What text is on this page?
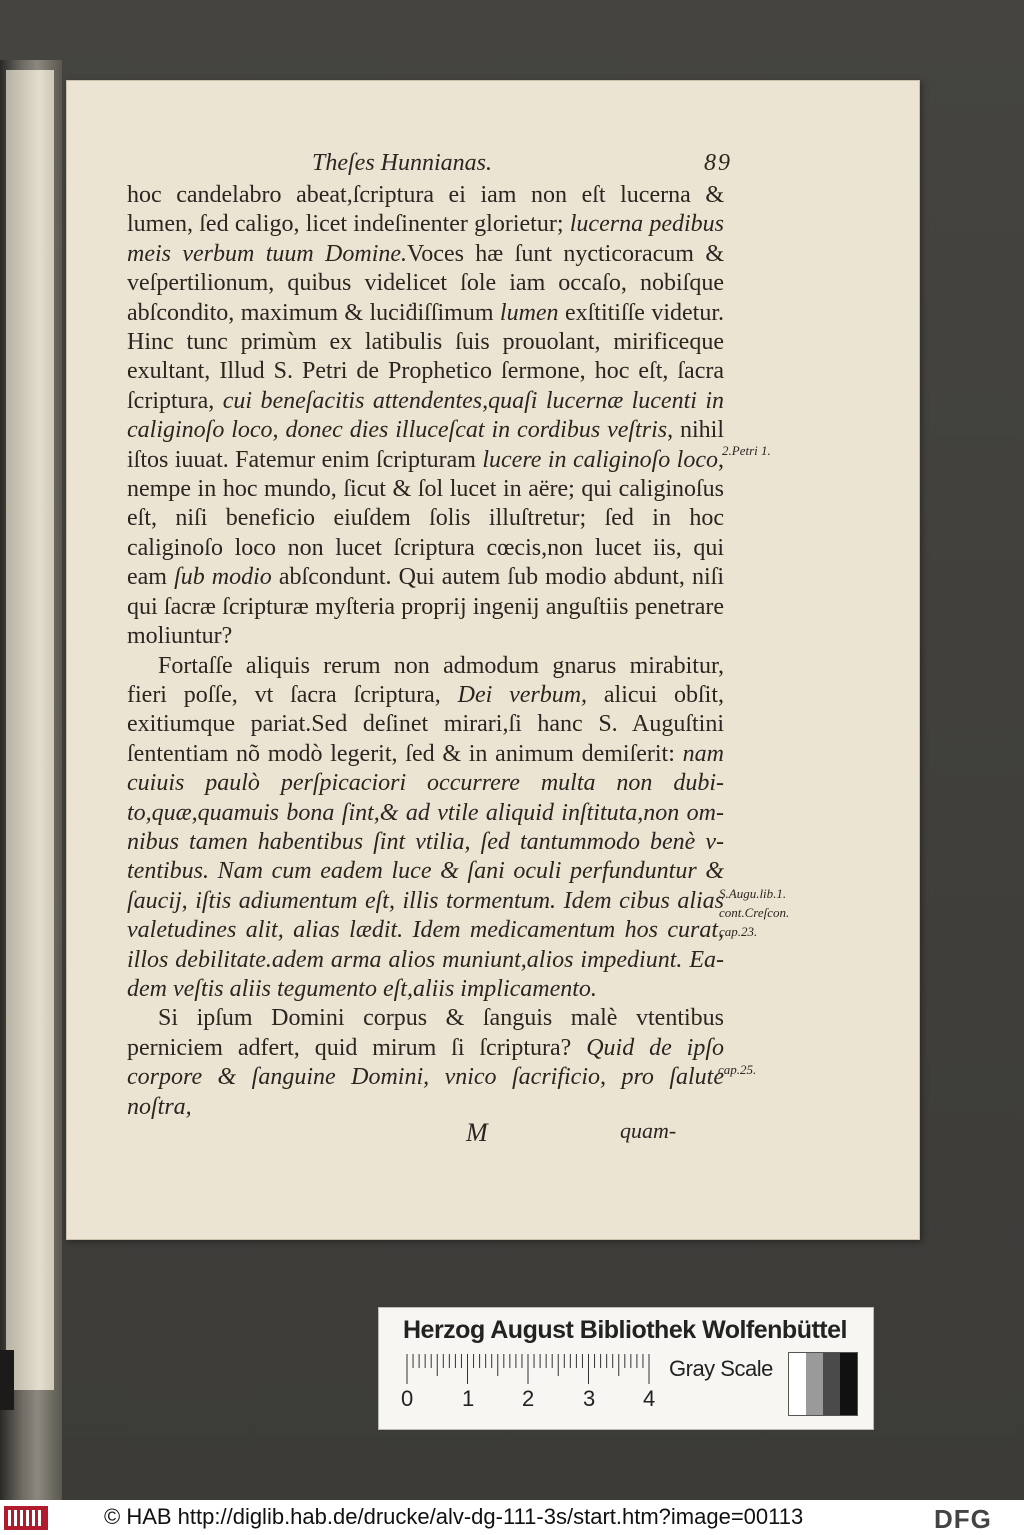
Theſes Hunnianas.	89

hoc candelabro abeat,ſcriptura ei iam non eſt lucerna & lumen, ſed caligo, licet indeſinenter glorietur; lucerna pedibus meis verbum tuum Domine.Voces hæ ſunt nycticoracum & veſpertilionum, quibus videlicet ſole iam occaſo, nobiſque abſcondito, maximum & luciḋiſſimum lumen exſtitiſſe videtur. Hinc tunc primùm ex latibulis ſuis prouolant, mirificeque exultant, Illud S. Petri de Prophetico ſermone, hoc eſt, ſacra ſcriptura, cui beneſacitis attendentes,quaſi lucernæ lucenti in caliginoſo loco, donec dies illuceſcat in cordibus veſtris, nihil iſtos iuuat. Fatemur enim ſcripturam lucere in caliginoſo loco, nempe in hoc mundo, ſicut & ſol lucet in aëre; qui caliginoſus eſt, niſi beneficio eiuſdem ſolis illuſtretur; ſed in hoc caliginoſo loco non lucet ſcriptura cœcis,non lucet iis, qui eam ſub modio abſcondunt. Qui autem ſub modio abdunt, niſi qui ſacræ ſcripturæ myſteria proprij ingenij anguſtiis penetrare moliuntur?

Fortaſſe aliquis rerum non admodum gnarus mirabitur, fieri poſſe, vt ſacra ſcriptura, Dei verbum, alicui obſit, exitiumque pariat.Sed deſinet mirari,ſi hanc S. Auguſtini ſententiam nõ modò legerit, ſed & in animum demiſerit: nam cuiuis paulò perſpicaciori occurrere multa non dubito,quæ,quamuis bona ſint,& ad vtile aliquid inſtituta,non omnibus tamen habentibus ſint vtilia, ſed tantummodo benè vtentibus. Nam cum eadem luce & ſani oculi perfunduntur & ſaucij, iſtis adiumentum eſt, illis tormentum. Idem cibus alias valetudines alit, alias lædit. Idem medicamentum hos curat, illos debilitate.adem arma alios muniunt,alios impediunt. Eadem veſtis aliis tegumento eſt,aliis implicamento.

Si ipſum Domini corpus & ſanguis malè vtentibus perniciem adfert, quid mirum ſi ſcriptura? Quid de ipſo corpore & ſanguine Domini, vnico ſacrificio, pro ſalute noſtra,

2.Petri 1.
S.Augu.lib.1.
cont.Creſcon.
cap.23.
cap.25.
M	quam-
Herzog August Bibliothek Wolfenbüttel
0 1 2 3 4
Gray Scale
© HAB http://diglib.hab.de/drucke/alv-dg-111-3s/start.htm?image=00113	DFG
